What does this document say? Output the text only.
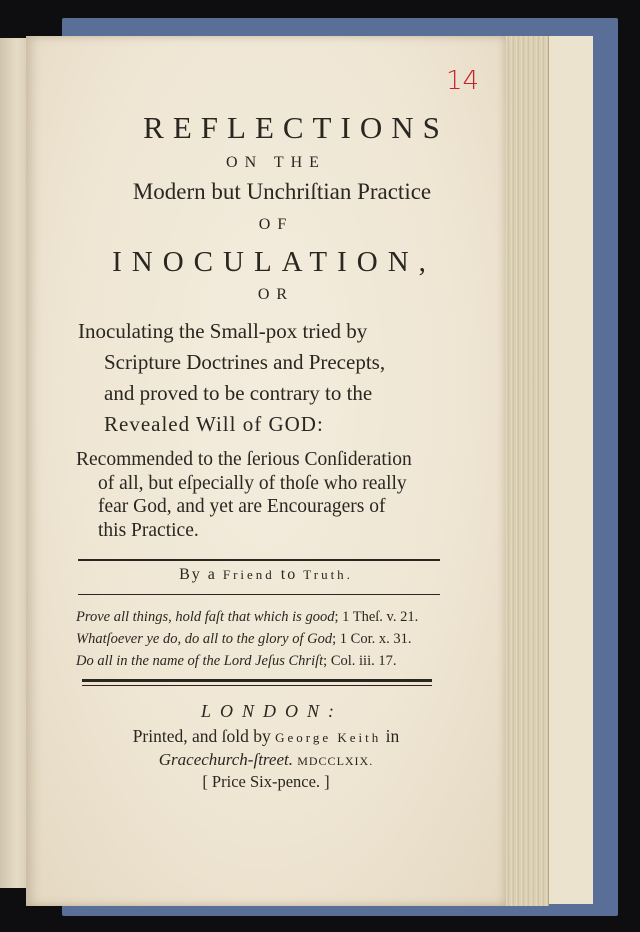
14
REFLECTIONS
ON THE
Modern but Unchriſtian Practice
OF
INOCULATION,
OR
Inoculating the Small-pox tried by
Scripture Doctrines and Precepts,
and proved to be contrary to the
Revealed Will of GOD:
Recommended to the ſerious Conſideration
of all, but eſpecially of thoſe who really
fear God, and yet are Encouragers of
this Practice.
By a Friend to Truth.
Prove all things, hold faſt that which is good; 1 Theſ. v. 21.
Whatſoever ye do, do all to the glory of God; 1 Cor. x. 31.
Do all in the name of the Lord Jeſus Chriſt; Col. iii. 17.
LONDON:
Printed, and ſold by George Keith in
Gracechurch-ſtreet. MDCCLXIX.
[ Price Six-pence. ]
